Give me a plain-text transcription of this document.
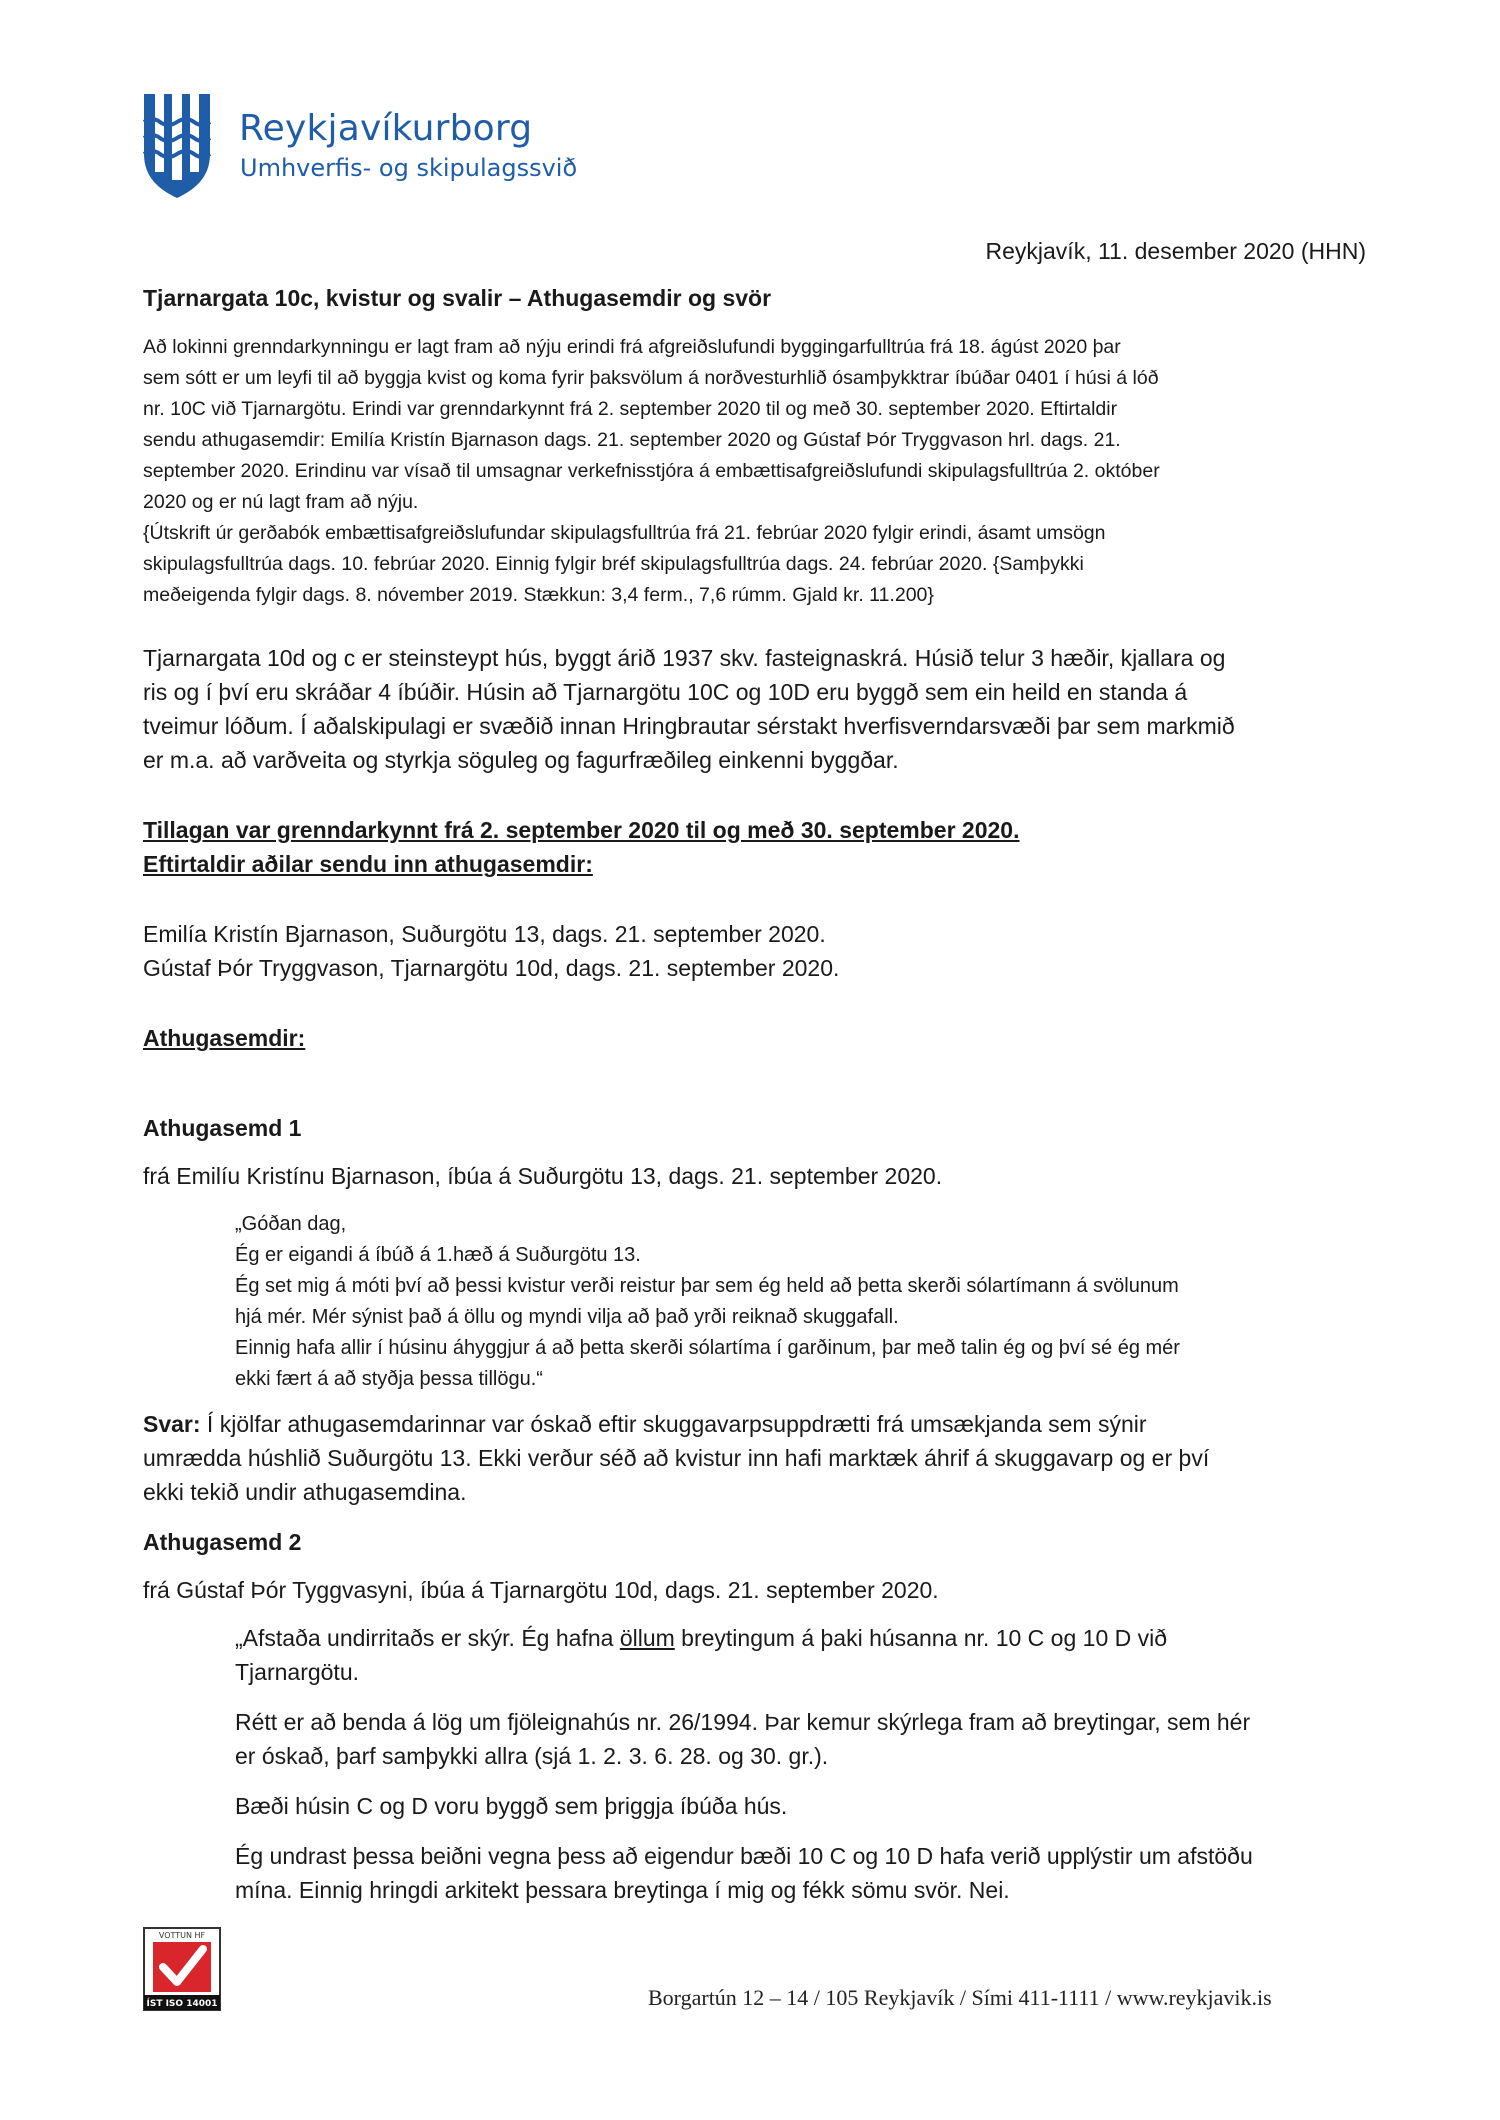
Reykjavíkurborg
Umhverfis- og skipulagssvið
Reykjavík, 11. desember 2020 (HHN)
Tjarnargata 10c, kvistur og svalir – Athugasemdir og svör
Að lokinni grenndarkynningu er lagt fram að nýju erindi frá afgreiðslufundi byggingarfulltrúa frá 18. ágúst 2020 þar
sem sótt er um leyfi til að byggja kvist og koma fyrir þaksvölum á norðvesturhlið ósamþykktrar íbúðar 0401 í húsi á lóð
nr. 10C við Tjarnargötu. Erindi var grenndarkynnt frá 2. september 2020 til og með 30. september 2020. Eftirtaldir
sendu athugasemdir: Emilía Kristín Bjarnason dags. 21. september 2020 og Gústaf Þór Tryggvason hrl. dags. 21.
september 2020. Erindinu var vísað til umsagnar verkefnisstjóra á embættisafgreiðslufundi skipulagsfulltrúa 2. október
2020 og er nú lagt fram að nýju.
{Útskrift úr gerðabók embættisafgreiðslufundar skipulagsfulltrúa frá 21. febrúar 2020 fylgir erindi, ásamt umsögn
skipulagsfulltrúa dags. 10. febrúar 2020. Einnig fylgir bréf skipulagsfulltrúa dags. 24. febrúar 2020. {Samþykki
meðeigenda fylgir dags. 8. nóvember 2019. Stækkun: 3,4 ferm., 7,6 rúmm. Gjald kr. 11.200}
Tjarnargata 10d og c er steinsteypt hús, byggt árið 1937 skv. fasteignaskrá. Húsið telur 3 hæðir, kjallara og
ris og í því eru skráðar 4 íbúðir. Húsin að Tjarnargötu 10C og 10D eru byggð sem ein heild en standa á
tveimur lóðum. Í aðalskipulagi er svæðið innan Hringbrautar sérstakt hverfisverndarsvæði þar sem markmið
er m.a. að varðveita og styrkja söguleg og fagurfræðileg einkenni byggðar.
Tillagan var grenndarkynnt frá 2. september 2020 til og með 30. september 2020.
Eftirtaldir aðilar sendu inn athugasemdir:
Emilía Kristín Bjarnason, Suðurgötu 13, dags. 21. september 2020.
Gústaf Þór Tryggvason, Tjarnargötu 10d, dags. 21. september 2020.
Athugasemdir:
Athugasemd 1
frá Emilíu Kristínu Bjarnason, íbúa á Suðurgötu 13, dags. 21. september 2020.
„Góðan dag,
Ég er eigandi á íbúð á 1.hæð á Suðurgötu 13.
Ég set mig á móti því að þessi kvistur verði reistur þar sem ég held að þetta skerði sólartímann á svölunum
hjá mér. Mér sýnist það á öllu og myndi vilja að það yrði reiknað skuggafall.
Einnig hafa allir í húsinu áhyggjur á að þetta skerði sólartíma í garðinum, þar með talin ég og því sé ég mér
ekki fært á að styðja þessa tillögu.“
Svar: Í kjölfar athugasemdarinnar var óskað eftir skuggavarpsuppdrætti frá umsækjanda sem sýnir
umrædda húshlið Suðurgötu 13. Ekki verður séð að kvistur inn hafi marktæk áhrif á skuggavarp og er því
ekki tekið undir athugasemdina.
Athugasemd 2
frá Gústaf Þór Tyggvasyni, íbúa á Tjarnargötu 10d, dags. 21. september 2020.

„Afstaða undirritaðs er skýr. Ég hafna öllum breytingum á þaki húsanna nr. 10 C og 10 D við
Tjarnargötu.

Rétt er að benda á lög um fjöleignahús nr. 26/1994. Þar kemur skýrlega fram að breytingar, sem hér
er óskað, þarf samþykki allra (sjá 1. 2. 3. 6. 28. og 30. gr.).

Bæði húsin C og D voru byggð sem þriggja íbúða hús.

Ég undrast þessa beiðni vegna þess að eigendur bæði 10 C og 10 D hafa verið upplýstir um afstöðu
mína. Einnig hringdi arkitekt þessara breytinga í mig og fékk sömu svör. Nei.

VOTTUN HF
ÍST ISO 14001	Borgartún 12 – 14 / 105 Reykjavík / Sími 411-1111 / www.reykjavik.is
